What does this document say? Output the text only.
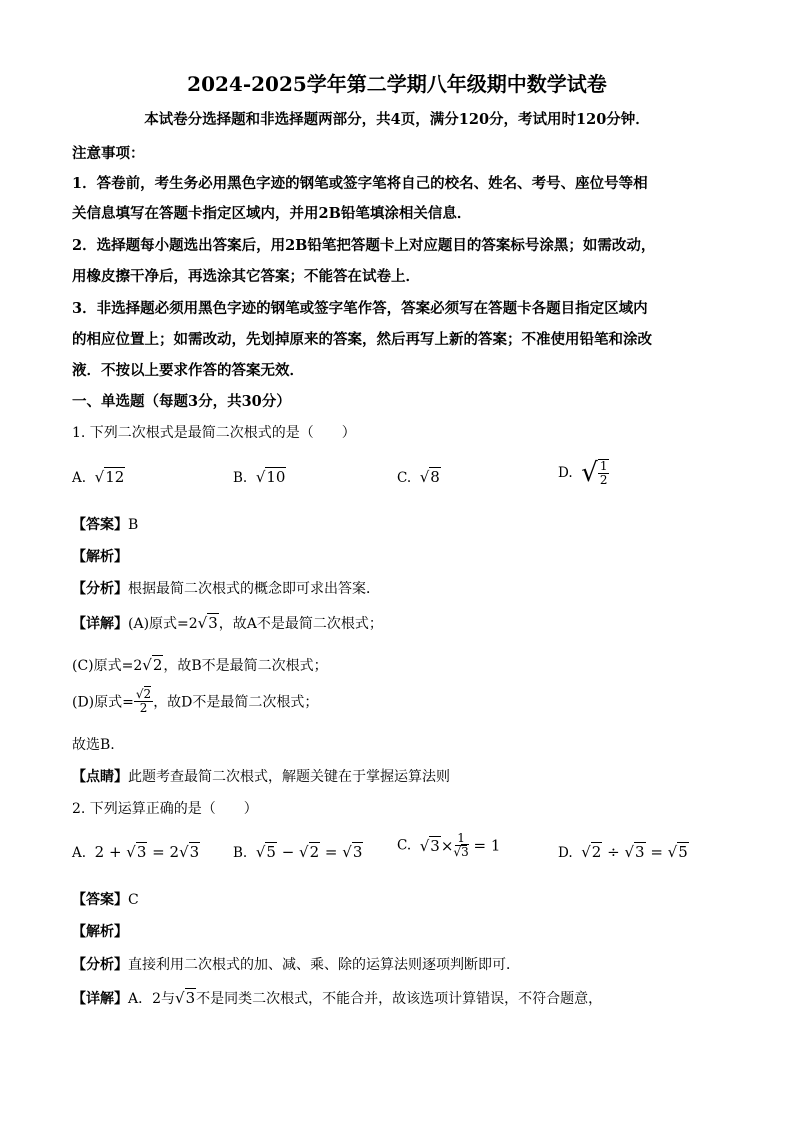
2024-2025学年第二学期八年级期中数学试卷
本试卷分选择题和非选择题两部分，共4页，满分120分，考试用时120分钟．
注意事项：
1．答卷前，考生务必用黑色字迹的钢笔或签字笔将自己的校名、姓名、考号、座位号等相
关信息填写在答题卡指定区域内，并用2B铅笔填涂相关信息．
2．选择题每小题选出答案后，用2B铅笔把答题卡上对应题目的答案标号涂黑；如需改动，
用橡皮擦干净后，再选涂其它答案；不能答在试卷上．
3．非选择题必须用黑色字迹的钢笔或签字笔作答，答案必须写在答题卡各题目指定区域内
的相应位置上；如需改动，先划掉原来的答案，然后再写上新的答案；不准使用铅笔和涂改
液．不按以上要求作答的答案无效．
一、单选题（每题3分，共30分）
1. 下列二次根式是最简二次根式的是（　　）
A. √12	B. √10	C. √8	D. √ $\frac{1}{2}$
【答案】B
【解析】
【分析】根据最简二次根式的概念即可求出答案．
【详解】(A)原式=2√3，故A不是最简二次根式；
(C)原式=2√2，故B不是最简二次根式；
(D)原式= $\frac{√2}{2}$ ，故D不是最简二次根式；
故选B.
【点睛】此题考查最简二次根式，解题关键在于掌握运算法则
2. 下列运算正确的是（　　）
A. 2 + √3 = 2√3	B. √5 − √2 = √3	C. $√3\times \frac{1}{√3} = 1$	D. √2 ÷ √3 = √5
【答案】C
【解析】
【分析】直接利用二次根式的加、减、乘、除的运算法则逐项判断即可．
【详解】A．2与√3不是同类二次根式，不能合并，故该选项计算错误，不符合题意，
